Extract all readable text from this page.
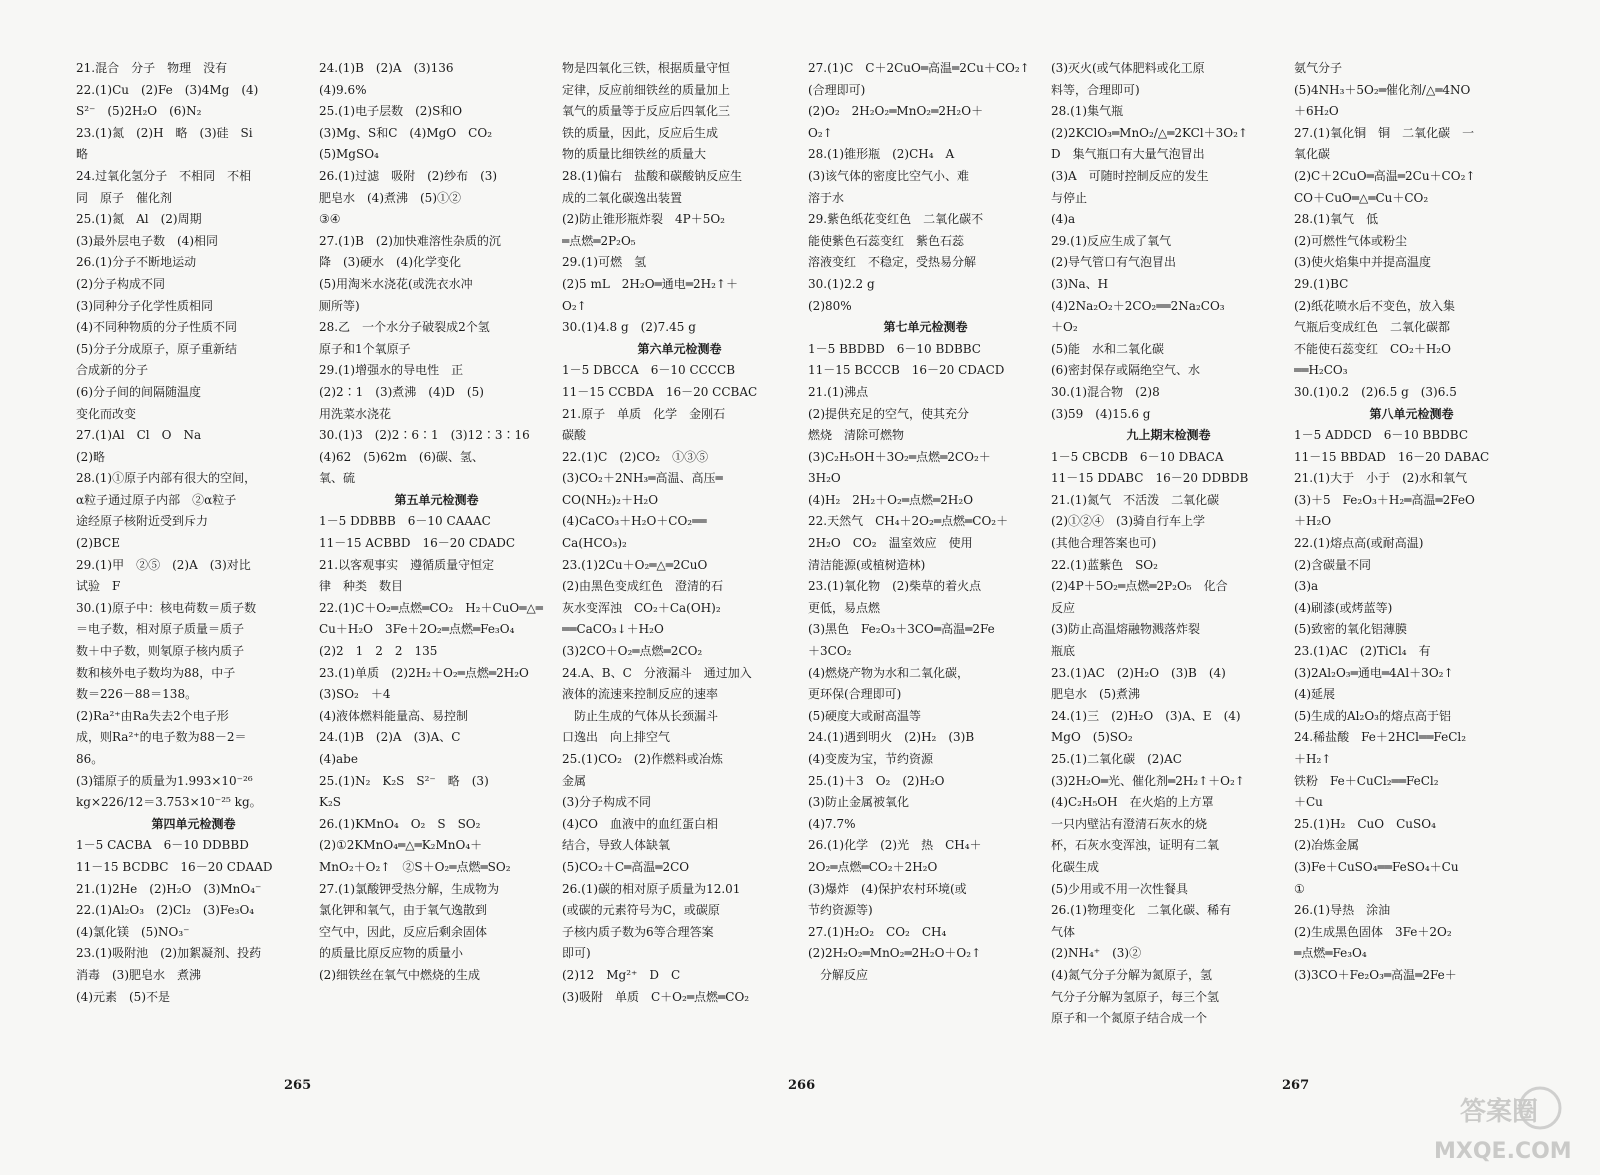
21.混合　分子　物理　没有
22.(1)Cu　(2)Fe　(3)4Mg　(4)
S²⁻　(5)2H₂O　(6)N₂
23.(1)氮　(2)H　略　(3)硅　Si
略
24.过氧化氢分子　不相同　不相
同　原子　催化剂
25.(1)氮　Al　(2)周期
(3)最外层电子数　(4)相同
26.(1)分子不断地运动
(2)分子构成不同
(3)同种分子化学性质相同
(4)不同种物质的分子性质不同
(5)分子分成原子，原子重新结
合成新的分子
(6)分子间的间隔随温度
变化而改变
27.(1)Al　Cl　O　Na
(2)略
28.(1)①原子内部有很大的空间，
α粒子通过原子内部　②α粒子
途经原子核附近受到斥力
(2)BCE
29.(1)甲　②⑤　(2)A　(3)对比
试验　F
30.(1)原子中：核电荷数＝质子数
＝电子数，相对原子质量＝质子
数＋中子数，则氡原子核内质子
数和核外电子数均为88，中子
数＝226－88＝138。
(2)Ra²⁺由Ra失去2个电子形
成，则Ra²⁺的电子数为88－2＝
86。
(3)镭原子的质量为1.993×10⁻²⁶
kg×226/12＝3.753×10⁻²⁵ kg。
第四单元检测卷
1－5 CACBA　6－10 DDBBD
11－15 BCDBC　16－20 CDAAD
21.(1)2He　(2)H₂O　(3)MnO₄⁻
22.(1)Al₂O₃　(2)Cl₂　(3)Fe₃O₄
(4)氯化镁　(5)NO₃⁻
23.(1)吸附池　(2)加絮凝剂、投药
消毒　(3)肥皂水　煮沸
(4)元素　(5)不是
24.(1)B　(2)A　(3)136
(4)9.6%
25.(1)电子层数　(2)S和O
(3)Mg、S和C　(4)MgO　CO₂
(5)MgSO₄
26.(1)过滤　吸附　(2)纱布　(3)
肥皂水　(4)煮沸　(5)①②
③④
27.(1)B　(2)加快难溶性杂质的沉
降　(3)硬水　(4)化学变化
(5)用淘米水浇花(或洗衣水冲
厕所等)
28.乙　一个水分子破裂成2个氢
原子和1个氧原子
29.(1)增强水的导电性　正
(2)2∶1　(3)煮沸　(4)D　(5)
用洗菜水浇花
30.(1)3　(2)2∶6∶1　(3)12∶3∶16
(4)62　(5)62m　(6)碳、氢、
氧、硫
第五单元检测卷
1－5 DDBBB　6－10 CAAAC
11－15 ACBBD　16－20 CDADC
21.以客观事实　遵循质量守恒定
律　种类　数目
22.(1)C＋O₂═点燃═CO₂　H₂＋CuO═△═
Cu＋H₂O　3Fe＋2O₂═点燃═Fe₃O₄
(2)2　1　2　2　135
23.(1)单质　(2)2H₂＋O₂═点燃═2H₂O
(3)SO₂　＋4
(4)液体燃料能量高、易控制
24.(1)B　(2)A　(3)A、C
(4)abe
25.(1)N₂　K₂S　S²⁻　略　(3)
K₂S
26.(1)KMnO₄　O₂　S　SO₂
(2)①2KMnO₄═△═K₂MnO₄＋
MnO₂＋O₂↑　②S＋O₂═点燃═SO₂
27.(1)氯酸钾受热分解，生成物为
氯化钾和氧气，由于氧气逸散到
空气中，因此，反应后剩余固体
的质量比原反应物的质量小
(2)细铁丝在氧气中燃烧的生成
物是四氧化三铁，根据质量守恒
定律，反应前细铁丝的质量加上
氧气的质量等于反应后四氧化三
铁的质量，因此，反应后生成
物的质量比细铁丝的质量大
28.(1)偏右　盐酸和碳酸钠反应生
成的二氧化碳逸出装置
(2)防止锥形瓶炸裂　4P＋5O₂
═点燃═2P₂O₅
29.(1)可燃　氢
(2)5 mL　2H₂O═通电═2H₂↑＋
O₂↑
30.(1)4.8 g　(2)7.45 g
第六单元检测卷
1－5 DBCCA　6－10 CCCCB
11－15 CCBDA　16－20 CCBAC
21.原子　单质　化学　金刚石
碳酸
22.(1)C　(2)CO₂　①③⑤
(3)CO₂＋2NH₃═高温、高压═
CO(NH₂)₂＋H₂O
(4)CaCO₃＋H₂O＋CO₂══
Ca(HCO₃)₂
23.(1)2Cu＋O₂═△═2CuO
(2)由黑色变成红色　澄清的石
灰水变浑浊　CO₂＋Ca(OH)₂
══CaCO₃↓＋H₂O
(3)2CO＋O₂═点燃═2CO₂
24.A、B、C　分液漏斗　通过加入
液体的流速来控制反应的速率
　防止生成的气体从长颈漏斗
口逸出　向上排空气
25.(1)CO₂　(2)作燃料或冶炼
金属
(3)分子构成不同
(4)CO　血液中的血红蛋白相
结合，导致人体缺氧
(5)CO₂＋C═高温═2CO
26.(1)碳的相对原子质量为12.01
(或碳的元素符号为C，或碳原
子核内质子数为6等合理答案
即可)
(2)12　Mg²⁺　D　C
(3)吸附　单质　C＋O₂═点燃═CO₂
27.(1)C　C＋2CuO═高温═2Cu＋CO₂↑
(合理即可)
(2)O₂　2H₂O₂═MnO₂═2H₂O＋
O₂↑
28.(1)锥形瓶　(2)CH₄　A
(3)该气体的密度比空气小、难
溶于水
29.紫色纸花变红色　二氧化碳不
能使紫色石蕊变红　紫色石蕊
溶液变红　不稳定，受热易分解
30.(1)2.2 g
(2)80%
第七单元检测卷
1－5 BBDBD　6－10 BDBBC
11－15 BCCCB　16－20 CDACD
21.(1)沸点
(2)提供充足的空气，使其充分
燃烧　清除可燃物
(3)C₂H₅OH＋3O₂═点燃═2CO₂＋
3H₂O
(4)H₂　2H₂＋O₂═点燃═2H₂O
22.天然气　CH₄＋2O₂═点燃═CO₂＋
2H₂O　CO₂　温室效应　使用
清洁能源(或植树造林)
23.(1)氧化物　(2)柴草的着火点
更低，易点燃
(3)黑色　Fe₂O₃＋3CO═高温═2Fe
＋3CO₂
(4)燃烧产物为水和二氧化碳，
更环保(合理即可)
(5)硬度大或耐高温等
24.(1)遇到明火　(2)H₂　(3)B
(4)变废为宝，节约资源
25.(1)＋3　O₂　(2)H₂O
(3)防止金属被氧化
(4)7.7%
26.(1)化学　(2)光　热　CH₄＋
2O₂═点燃═CO₂＋2H₂O
(3)爆炸　(4)保护农村环境(或
节约资源等)
27.(1)H₂O₂　CO₂　CH₄
(2)2H₂O₂═MnO₂═2H₂O＋O₂↑
　分解反应
(3)灭火(或气体肥料或化工原
料等，合理即可)
28.(1)集气瓶
(2)2KClO₃═MnO₂/△═2KCl＋3O₂↑
D　集气瓶口有大量气泡冒出
(3)A　可随时控制反应的发生
与停止
(4)a
29.(1)反应生成了氧气
(2)导气管口有气泡冒出
(3)Na、H
(4)2Na₂O₂＋2CO₂══2Na₂CO₃
＋O₂
(5)能　水和二氧化碳
(6)密封保存或隔绝空气、水
30.(1)混合物　(2)8
(3)59　(4)15.6 g
九上期末检测卷
1－5 CBCDB　6－10 DBACA
11－15 DDABC　16－20 DDBDB
21.(1)氮气　不活泼　二氧化碳
(2)①②④　(3)骑自行车上学
(其他合理答案也可)
22.(1)蓝紫色　SO₂
(2)4P＋5O₂═点燃═2P₂O₅　化合
反应
(3)防止高温熔融物溅落炸裂
瓶底
23.(1)AC　(2)H₂O　(3)B　(4)
肥皂水　(5)煮沸
24.(1)三　(2)H₂O　(3)A、E　(4)
MgO　(5)SO₂
25.(1)二氧化碳　(2)AC
(3)2H₂O═光、催化剂═2H₂↑＋O₂↑
(4)C₂H₅OH　在火焰的上方罩
一只内壁沾有澄清石灰水的烧
杯，石灰水变浑浊，证明有二氧
化碳生成
(5)少用或不用一次性餐具
26.(1)物理变化　二氧化碳、稀有
气体
(2)NH₄⁺　(3)②
(4)氮气分子分解为氮原子，氢
气分子分解为氢原子，每三个氢
原子和一个氮原子结合成一个
氨气分子
(5)4NH₃＋5O₂═催化剂/△═4NO
＋6H₂O
27.(1)氧化铜　铜　二氧化碳　一
氧化碳
(2)C＋2CuO═高温═2Cu＋CO₂↑
CO＋CuO═△═Cu＋CO₂
28.(1)氧气　低
(2)可燃性气体或粉尘
(3)使火焰集中并提高温度
29.(1)BC
(2)纸花喷水后不变色，放入集
气瓶后变成红色　二氧化碳都
不能使石蕊变红　CO₂＋H₂O
══H₂CO₃
30.(1)0.2　(2)6.5 g　(3)6.5
第八单元检测卷
1－5 ADDCD　6－10 BBDBC
11－15 BBDAD　16－20 DABAC
21.(1)大于　小于　(2)水和氧气
(3)＋5　Fe₂O₃＋H₂═高温═2FeO
＋H₂O
22.(1)熔点高(或耐高温)
(2)含碳量不同
(3)a
(4)刷漆(或烤蓝等)
(5)致密的氧化铝薄膜
23.(1)AC　(2)TiCl₄　有
(3)2Al₂O₃═通电═4Al＋3O₂↑
(4)延展
(5)生成的Al₂O₃的熔点高于铝
24.稀盐酸　Fe＋2HCl══FeCl₂
＋H₂↑
铁粉　Fe＋CuCl₂══FeCl₂
＋Cu
25.(1)H₂　CuO　CuSO₄
(2)冶炼金属
(3)Fe＋CuSO₄══FeSO₄＋Cu
①
26.(1)导热　涂油
(2)生成黑色固体　3Fe＋2O₂
═点燃═Fe₃O₄
(3)3CO＋Fe₂O₃═高温═2Fe＋
265	266	267
答案圈
MXQE.COM
